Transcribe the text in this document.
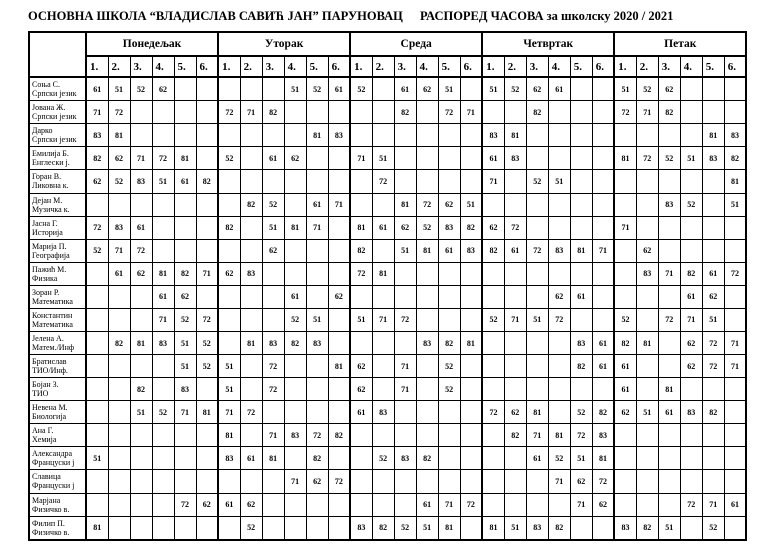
ОСНОВНА ШКОЛА “ВЛАДИСЛАВ САВИЋ ЈАН” ПАРУНОВАЦ РАСПОРЕД ЧАСОВА за школску 2020 / 2021
	Понедељак						Уторак						Среда						Четвртак						Петак					
	1.	2.	3.	4.	5.	6.	1.	2.	3.	4.	5.	6.	1.	2.	3.	4.	5.	6.	1.	2.	3.	4.	5.	6.	1.	2.	3.	4.	5.	6.

Соња С.
Српски језик	61	51	52	62						51	52	61	52		61	62	51		51	52	62	61			51	52	62			

Јована Ж.
Српски језик	71	72					72	71	82						82		72	71			82				72	71	82			

Дарко
Српски језик	83	81									81	83							83	81									81	83

Емилија Б.
Енглески ј.	82	62	71	72	81		52		61	62			71	51					61	83					81	72	52	51	83	82

Горан В.
Ликовна к.	62	52	83	51	61	82								72					71		52	51								81

Дејан М.
Музичка к.								82	52		61	71			81	72	62	51									83	52		51

Јасна Г.
Историја	72	83	61				82		51	81	71		81	61	62	52	83	82	62	72					71					

Марија П.
Географија	52	71	72						62				82		51	81	61	83	82	61	72	83	81	71		62				

Пажић М.
Физика		61	62	81	82	71	62	83					72	81												83	71	82	61	72

Зоран Р.
Математика				61	62					61		62										62	61					61	62	

Константин
Математика				71	52	72				52	51		51	71	72				52	71	51	72			52		72	71	51	

Јелена А.
Матем./Инф		82	81	83	51	52		81	83	82	83					83	82	81					83	61	82	81		62	72	71

Братислав
ТИО/Инф.					51	52	51		72			81	62		71		52						82	61	61			62	72	71

Бојан З.
ТИО			82		83		51		72				62		71		52								61		81			

Невена М.
Биологија			51	52	71	81	71	72					61	83					72	62	81		52	82	62	51	61	83	82	

Ана Г.
Хемија							81		71	83	72	82								82	71	81	72	83						

Александра
Француски ј	51						83	61	81		82			52	83	82					61	52	51	81						

Славица
Француски ј										71	62	72										71	62	72						

Марјана
Физичко в.					72	62	61	62								61	71	72					71	62				72	71	61

Филип П.
Физичко в.	81							52					83	82	52	51	81		81	51	83	82			83	82	51		52	
